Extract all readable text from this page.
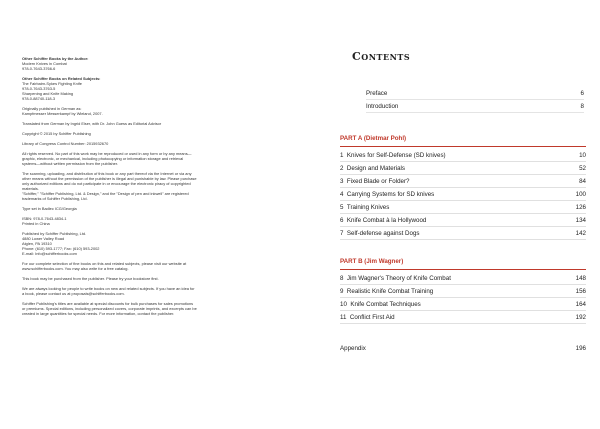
Other Schiffer Books by the Author:
Modern Knives in Combat
978-0-7643-3766-6

Other Schiffer Books on Related Subjects:
The Fairbairn-Sykes Fighting Knife
978-0-7643-3763-5
Sharpening and Knife Making
978-0-88740-118-3

Originally published in German as:
Kampfmesser Messerkampf by Wieland, 2007.

Translated from German by Ingrid Elser, with Dr. John Guess as Editorial Advisor

Copyright © 2015 by Schiffer Publishing

Library of Congress Control Number: 2015932670

All rights reserved. No part of this work may be reproduced or used in any form or by any means—
graphic, electronic, or mechanical, including photocopying or information storage and retrieval
systems—without written permission from the publisher.

The scanning, uploading, and distribution of this book or any part thereof via the Internet or via any
other means without the permission of the publisher is illegal and punishable by law. Please purchase
only authorized editions and do not participate in or encourage the electronic piracy of copyrighted
materials.
"Schiffer," "Schiffer Publishing, Ltd. & Design," and the "Design of pen and inkwell" are registered
trademarks of Schiffer Publishing, Ltd.

Type set in Badlec ICG/Georgia

ISBN: 978-0-7643-4834-1
Printed in China

Published by Schiffer Publishing, Ltd.
4880 Lower Valley Road
Atglen, PA 19310
Phone: (610) 593-1777; Fax: (610) 593-2002
E-mail: Info@schifferbooks.com

For our complete selection of fine books on this and related subjects, please visit our website at
www.schifferbooks.com. You may also write for a free catalog.

This book may be purchased from the publisher. Please try your bookstore first.

We are always looking for people to write books on new and related subjects. If you have an idea for
a book, please contact us at proposals@schifferbooks.com.

Schiffer Publishing's titles are available at special discounts for bulk purchases for sales promotions
or premiums. Special editions, including personalized covers, corporate imprints, and excerpts can be
created in large quantities for special needs. For more information, contact the publisher.

Contents
Preface	6
Introduction	8
PART A (Dietmar Pohl)
1 Knives for Self-Defense (SD knives)	10
2 Design and Materials	52
3 Fixed Blade or Folder?	84
4 Carrying Systems for SD knives	100
5 Training Knives	126
6 Knife Combat à la Hollywood	134
7 Self-defense against Dogs	142
PART B (Jim Wagner)
8 Jim Wagner's Theory of Knife Combat	148
9 Realistic Knife Combat Training	156
10 Knife Combat Techniques	164
11 Conflict First Aid	192
Appendix	196
